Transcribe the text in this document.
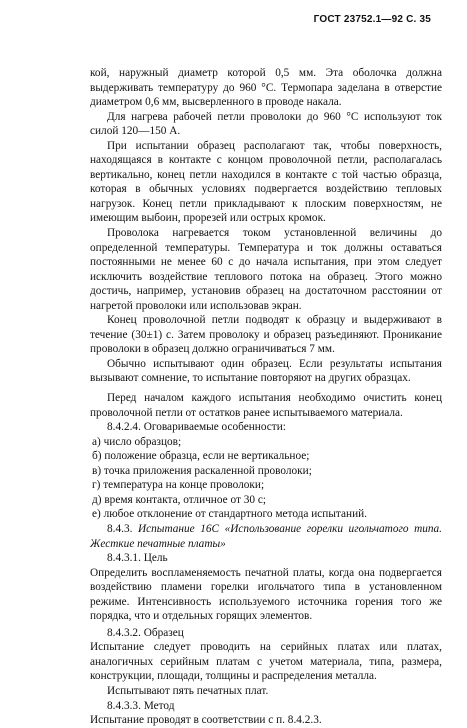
ГОСТ 23752.1—92 С. 35

кой, наружный диаметр которой 0,5 мм. Эта оболочка должна выдерживать температуру до 960 °С. Термопара заделана в отверстие диаметром 0,6 мм, высверленного в проводе накала.

Для нагрева рабочей петли проволоки до 960 °С используют ток силой 120—150 А.

При испытании образец располагают так, чтобы поверхность, находящаяся в контакте с концом проволочной петли, располагалась вертикально, конец петли находился в контакте с той частью образца, которая в обычных условиях подвергается воздействию тепловых нагрузок. Конец петли прикладывают к плоским поверхностям, не имеющим выбоин, прорезей или острых кромок.

Проволока нагревается током установленной величины до определенной температуры. Температура и ток должны оставаться постоянными не менее 60 с до начала испытания, при этом следует исключить воздействие теплового потока на образец. Этого можно достичь, например, установив образец на достаточном расстоянии от нагретой проволоки или использовав экран.

Конец проволочной петли подводят к образцу и выдерживают в течение (30±1) с. Затем проволоку и образец разъединяют. Проникание проволоки в образец должно ограничиваться 7 мм.

Обычно испытывают один образец. Если результаты испытания вызывают сомнение, то испытание повторяют на других образцах.

Перед началом каждого испытания необходимо очистить конец проволочной петли от остатков ранее испытываемого материала.

8.4.2.4. Оговариваемые особенности:

а) число образцов;
б) положение образца, если не вертикальное;
в) точка приложения раскаленной проволоки;
г) температура на конце проволоки;
д) время контакта, отличное от 30 с;
е) любое отклонение от стандартного метода испытаний.

8.4.3. Испытание 16С «Использование горелки игольчатого типа. Жесткие печатные платы»

8.4.3.1. Цель

Определить воспламеняемость печатной платы, когда она подвергается воздействию пламени горелки игольчатого типа в установленном режиме. Интенсивность используемого источника горения того же порядка, что и отдельных горящих элементов.

8.4.3.2. Образец

Испытание следует проводить на серийных платах или платах, аналогичных серийным платам с учетом материала, типа, размера, конструкции, площади, толщины и распределения металла.

Испытывают пять печатных плат.

8.4.3.3. Метод

Испытание проводят в соответствии с п. 8.4.2.3.
